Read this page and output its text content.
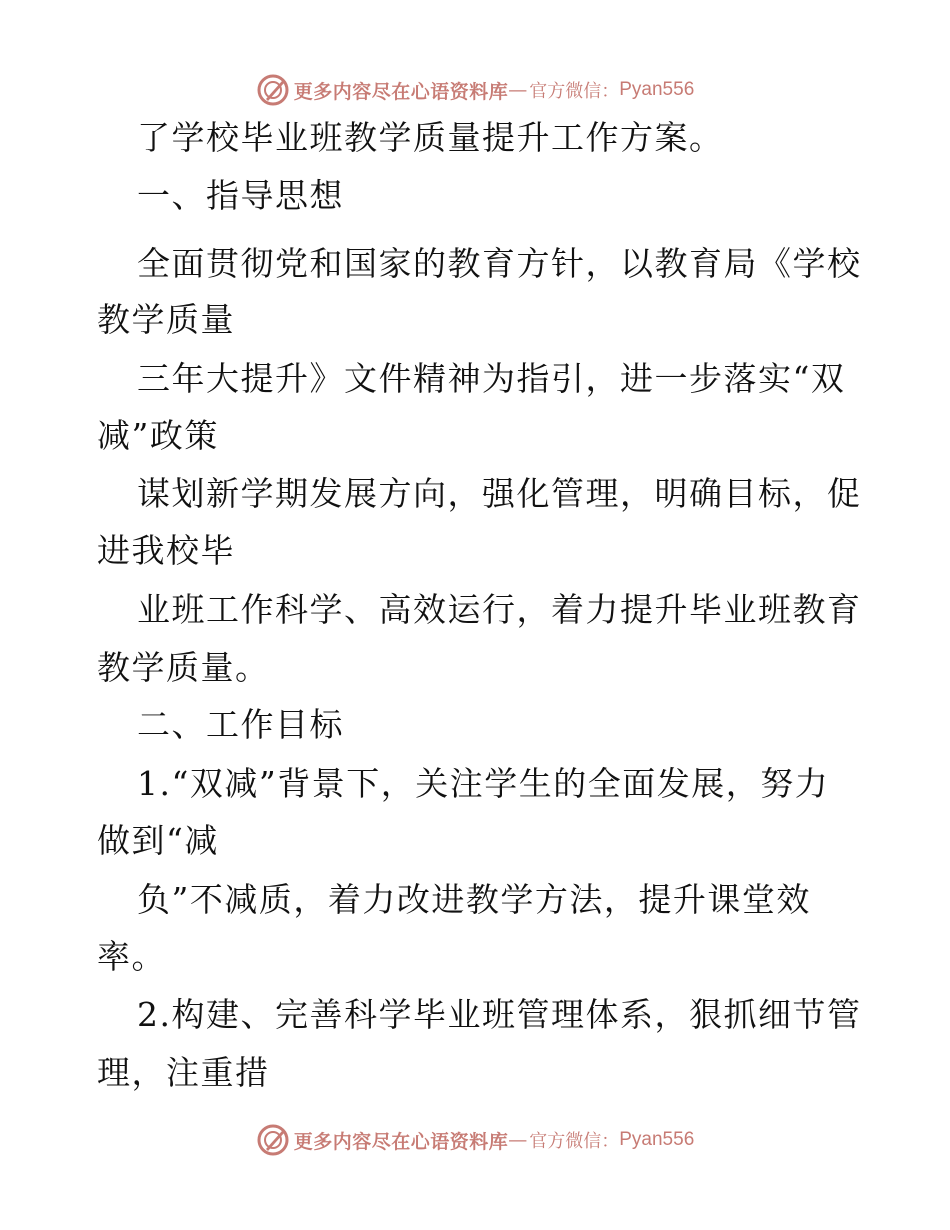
更多内容尽在心语资料库 — 官方微信： Pyan556
了学校毕业班教学质量提升工作方案。
一、指导思想
全面贯彻党和国家的教育方针，以教育局《学校
教学质量
三年大提升》文件精神为指引，进一步落实“双
减”政策
谋划新学期发展方向，强化管理，明确目标，促
进我校毕
业班工作科学、高效运行，着力提升毕业班教育
教学质量。
二、工作目标
1.“双减”背景下，关注学生的全面发展，努力
做到“减
负”不减质，着力改进教学方法，提升课堂效
率。
2.构建、完善科学毕业班管理体系，狠抓细节管
理，注重措
更多内容尽在心语资料库 — 官方微信： Pyan556
